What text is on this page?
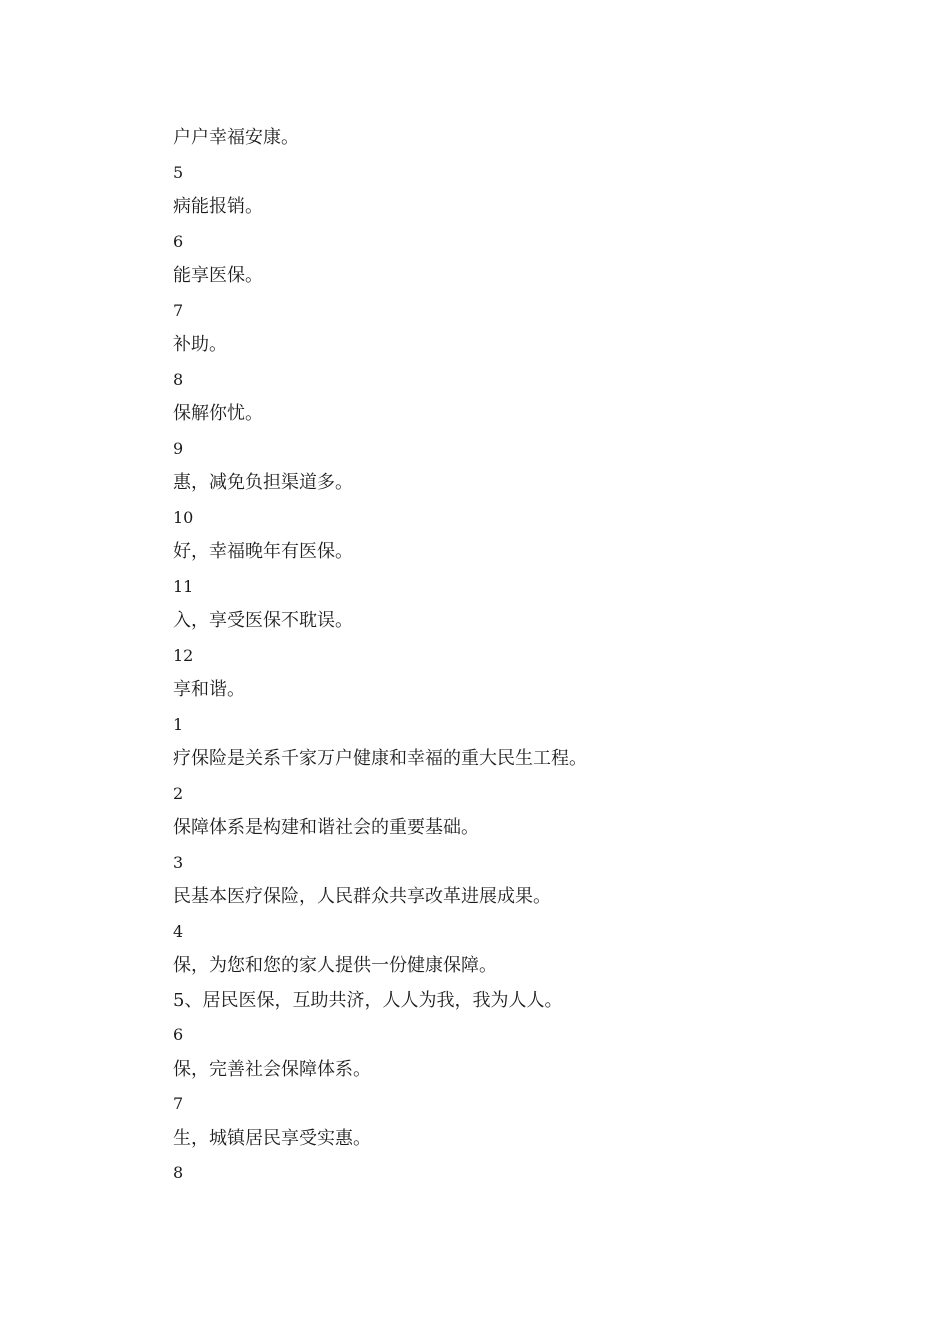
户户幸福安康。
5
病能报销。
6
能享医保。
7
补助。
8
保解你忧。
9
惠，减免负担渠道多。
10
好，幸福晚年有医保。
11
入，享受医保不耽误。
12
享和谐。
1
疗保险是关系千家万户健康和幸福的重大民生工程。
2
保障体系是构建和谐社会的重要基础。
3
民基本医疗保险，人民群众共享改革进展成果。
4
保，为您和您的家人提供一份健康保障。
5、居民医保，互助共济，人人为我，我为人人。
6
保，完善社会保障体系。
7
生，城镇居民享受实惠。
8
